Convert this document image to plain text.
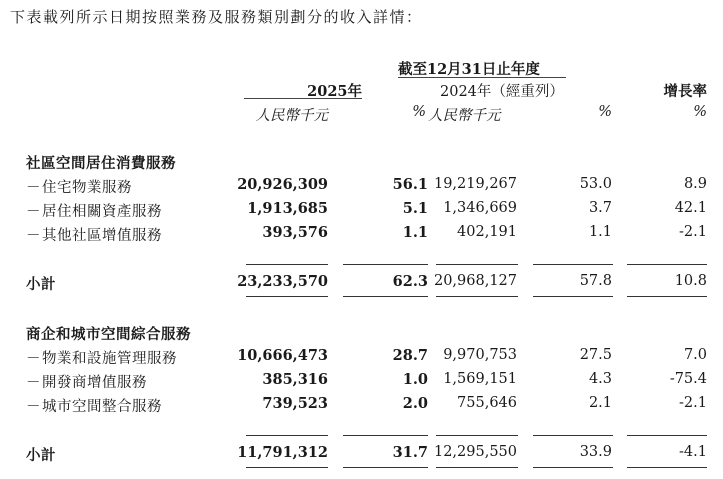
下表載列所示日期按照業務及服務類別劃分的收入詳情：
截至12月31日止年度
2025年	2024年（經重列）	增長率
人民幣千元	% 人民幣千元	%	%
社區空間居住消費服務
－住宅物業服務	20,926,309	56.1 19,219,267	53.0	8.9
－居住相關資產服務	1,913,685	5.1 1,346,669	3.7	42.1
－其他社區增值服務	393,576	1.1 402,191	1.1	-2.1
小計	23,233,570	62.3 20,968,127	57.8	10.8
商企和城市空間綜合服務
－物業和設施管理服務	10,666,473	28.7 9,970,753	27.5	7.0
－開發商增值服務	385,316	1.0 1,569,151	4.3	-75.4
－城市空間整合服務	739,523	2.0 755,646	2.1	-2.1
小計	11,791,312	31.7 12,295,550	33.9	-4.1
